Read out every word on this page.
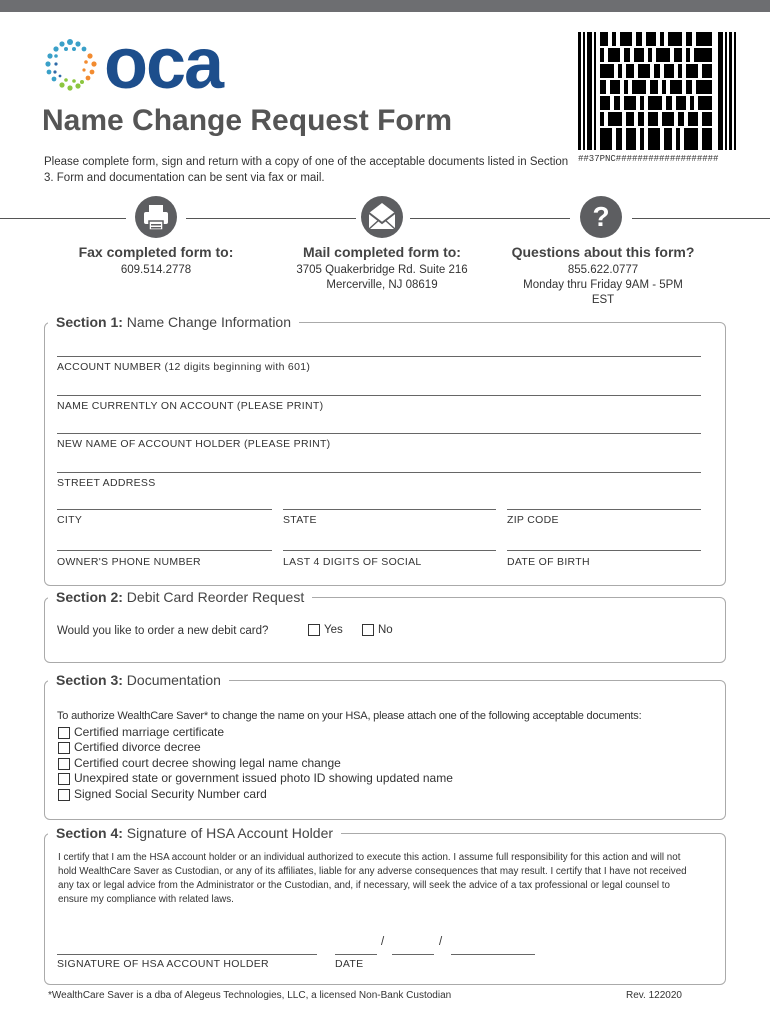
oca
##37PNC###################
Name Change Request Form
Please complete form, sign and return with a copy of one of the acceptable documents listed in Section 3. Form and documentation can be sent via fax or mail.
?
Fax completed form to:
609.514.2778
Mail completed form to:
3705 Quakerbridge Rd. Suite 216
Mercerville, NJ 08619
Questions about this form?
855.622.0777
Monday thru Friday 9AM - 5PM
EST
Section 1: Name Change Information
ACCOUNT NUMBER (12 digits beginning with 601)
NAME CURRENTLY ON ACCOUNT (PLEASE PRINT)
NEW NAME OF ACCOUNT HOLDER (PLEASE PRINT)
STREET ADDRESS
CITY	STATE	ZIP CODE
OWNER'S PHONE NUMBER	LAST 4 DIGITS OF SOCIAL	DATE OF BIRTH
Section 2: Debit Card Reorder Request
Would you like to order a new debit card?	Yes	No
Section 3: Documentation
To authorize WealthCare Saver* to change the name on your HSA, please attach one of the following acceptable documents:
Certified marriage certificate
Certified divorce decree
Certified court decree showing legal name change
Unexpired state or government issued photo ID showing updated name
Signed Social Security Number card
Section 4: Signature of HSA Account Holder
I certify that I am the HSA account holder or an individual authorized to execute this action. I assume full responsibility for this action and will not hold WealthCare Saver as Custodian, or any of its affiliates, liable for any adverse consequences that may result. I certify that I have not received any tax or legal advice from the Administrator or the Custodian, and, if necessary, will seek the advice of a tax professional or legal counsel to ensure my compliance with related laws.
SIGNATURE OF HSA ACCOUNT HOLDER
/	/
DATE
*WealthCare Saver is a dba of Alegeus Technologies, LLC, a licensed Non-Bank Custodian	Rev. 122020
